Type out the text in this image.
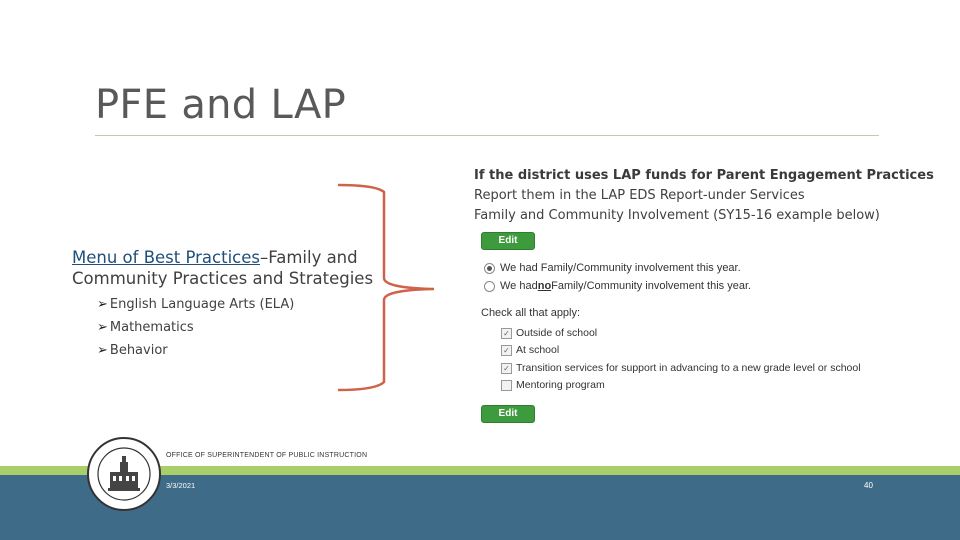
PFE and LAP
If the district uses LAP funds for Parent Engagement Practices
Report them in the LAP EDS Report-under Services
Family and Community Involvement (SY15-16 example below)
Menu of Best Practices–Family and
Community Practices and Strategies
➢ English Language Arts (ELA)
➢ Mathematics
➢ Behavior
Edit
We had Family/Community involvement this year.
We had no Family/Community involvement this year.
Check all that apply:
✓ Outside of school
✓ At school
✓ Transition services for support in advancing to a new grade level or school
Mentoring program
Edit
OFFICE OF SUPERINTENDENT OF PUBLIC INSTRUCTION
3/3/2021	40
